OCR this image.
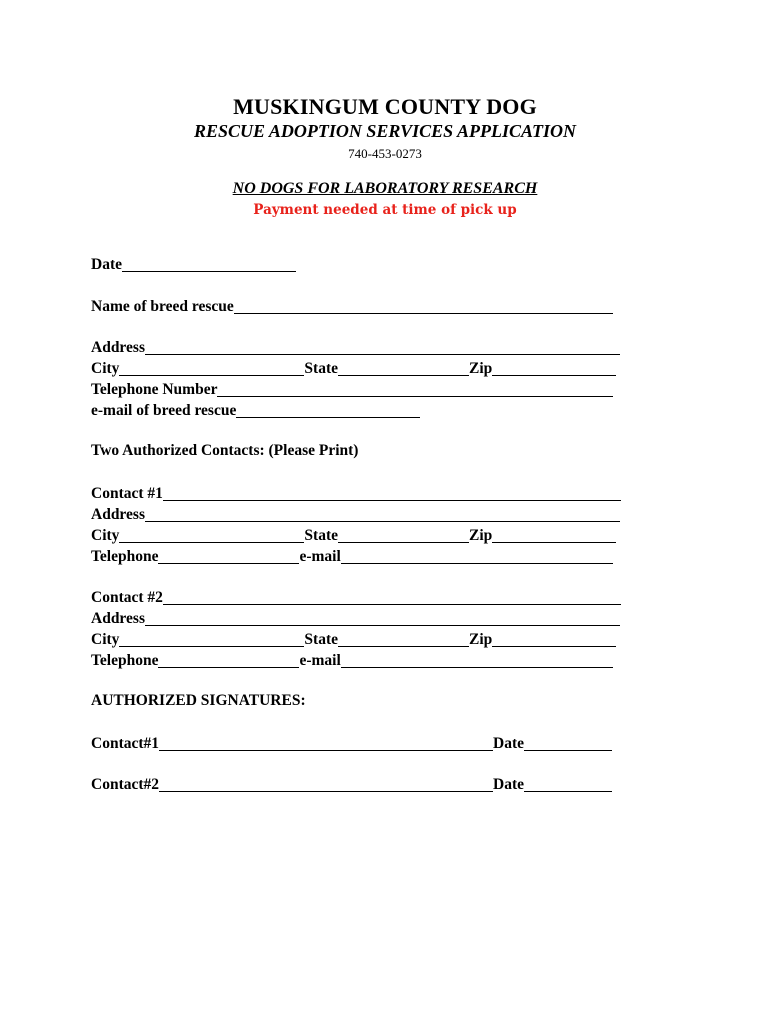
MUSKINGUM COUNTY DOG
RESCUE ADOPTION SERVICES APPLICATION
740-453-0273
NO DOGS FOR LABORATORY RESEARCH
Payment needed at time of pick up
Date
Name of breed rescue
Address
City	State	Zip
Telephone Number
e-mail of breed rescue
Two Authorized Contacts: (Please Print)
Contact #1
Address
City	State	Zip
Telephone	e-mail
Contact #2
Address
City	State	Zip
Telephone	e-mail
AUTHORIZED SIGNATURES:
Contact#1	Date
Contact#2	Date
